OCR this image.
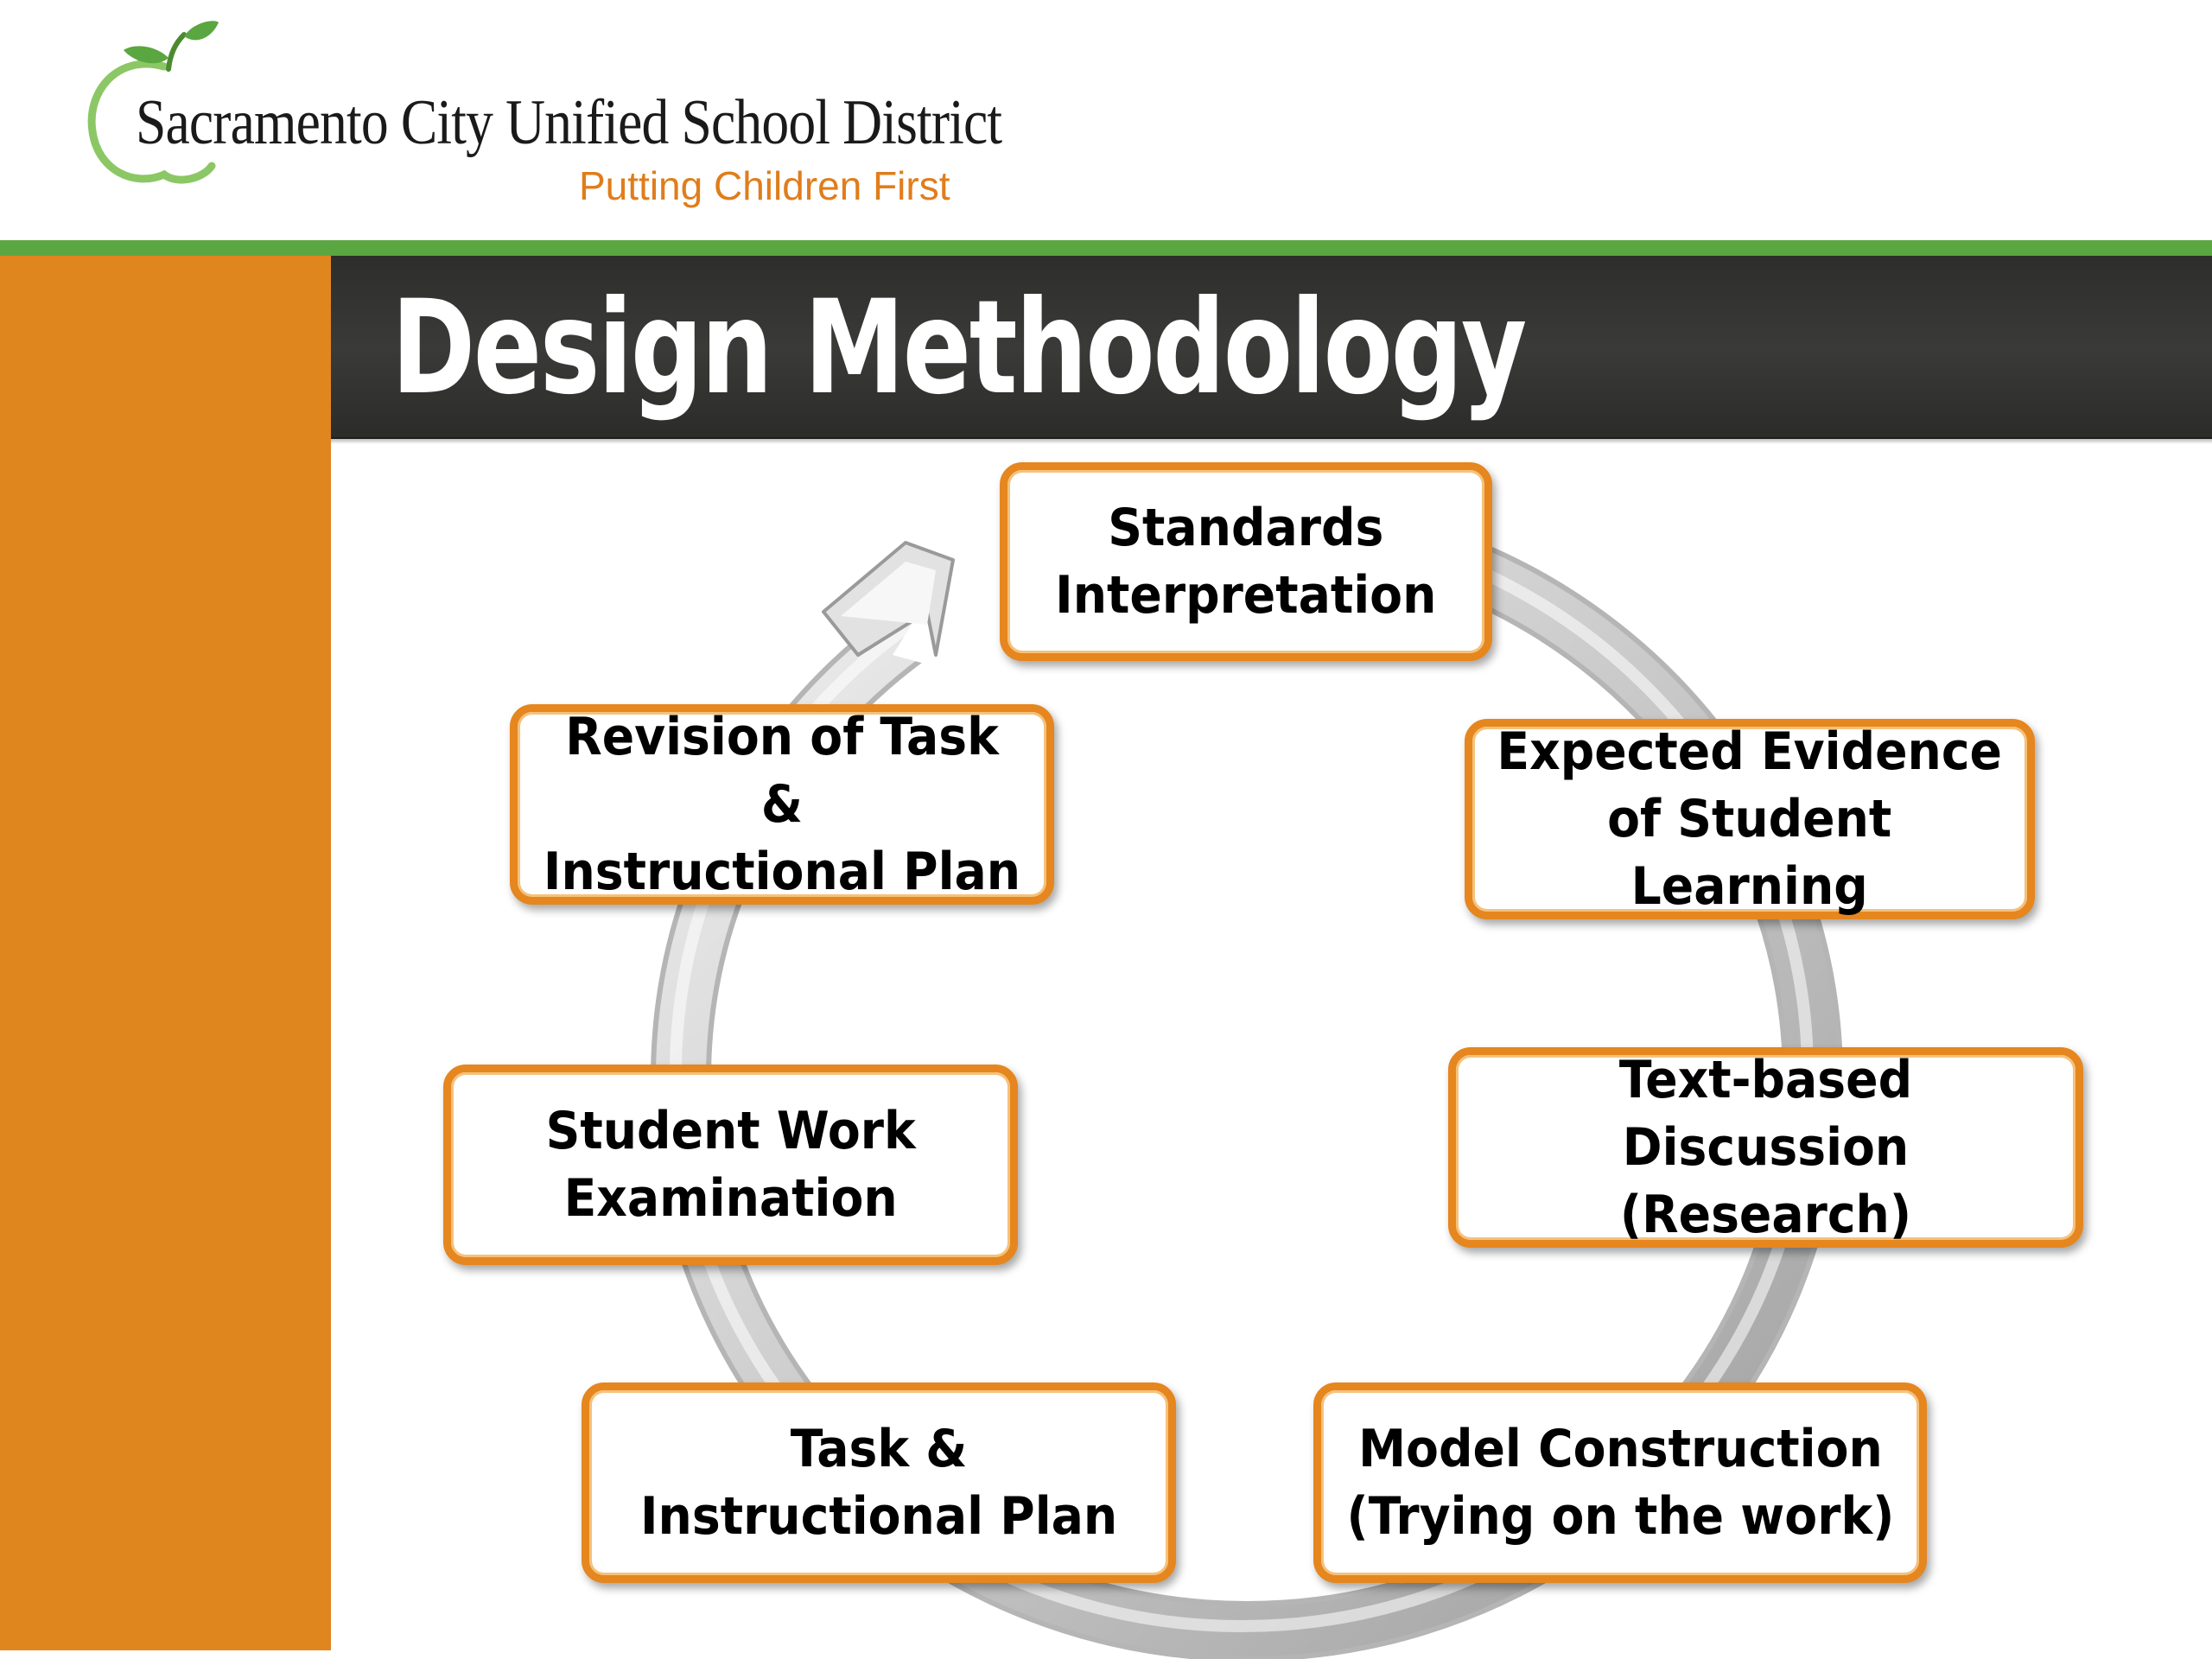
Sacramento City Unified School District
Putting Children First
Design Methodology
Standards
Interpretation
Expected Evidence
of Student
Learning
Text-based Discussion
(Research)
Model Construction
(Trying on the work)
Task &
Instructional Plan
Student Work
Examination
Revision of Task &
Instructional Plan
